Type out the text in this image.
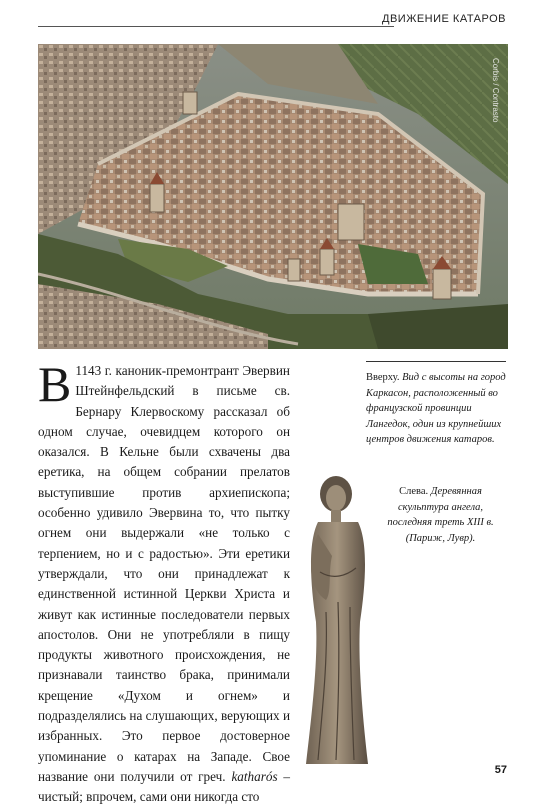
ДВИЖЕНИЕ КАТАРОВ
Corbis / Contrasto

В 1143 г. каноник-премонтрант Эвервин Штейнфельдский в письме св. Бернару Клервоскому рассказал об одном случае, очевидцем которого он оказался. В Кельне были схвачены два еретика, на общем собрании прелатов выступившие против архиепископа; особенно удивило Эвервина то, что пытку огнем они выдержали «не только с терпением, но и с радостью». Эти еретики утверждали, что они принадлежат к единственной истинной Церкви Христа и живут как истинные последователи первых апостолов. Они не употребляли в пищу продукты животного происхождения, не признавали таинство брака, принимали крещение «Духом и огнем» и подразделялись на слушающих, верующих и избранных. Это первое достоверное упоминание о катарах на Западе. Свое название они получили от греч. katharós – чистый; впрочем, сами они никогда сто

Вверху. Вид с высоты на город Каркасон, расположенный во французской провинции Лангедок, один из крупнейших центров движения катаров.
Слева. Деревянная скульптура ангела, последняя треть XIII в. (Париж, Лувр).
57
